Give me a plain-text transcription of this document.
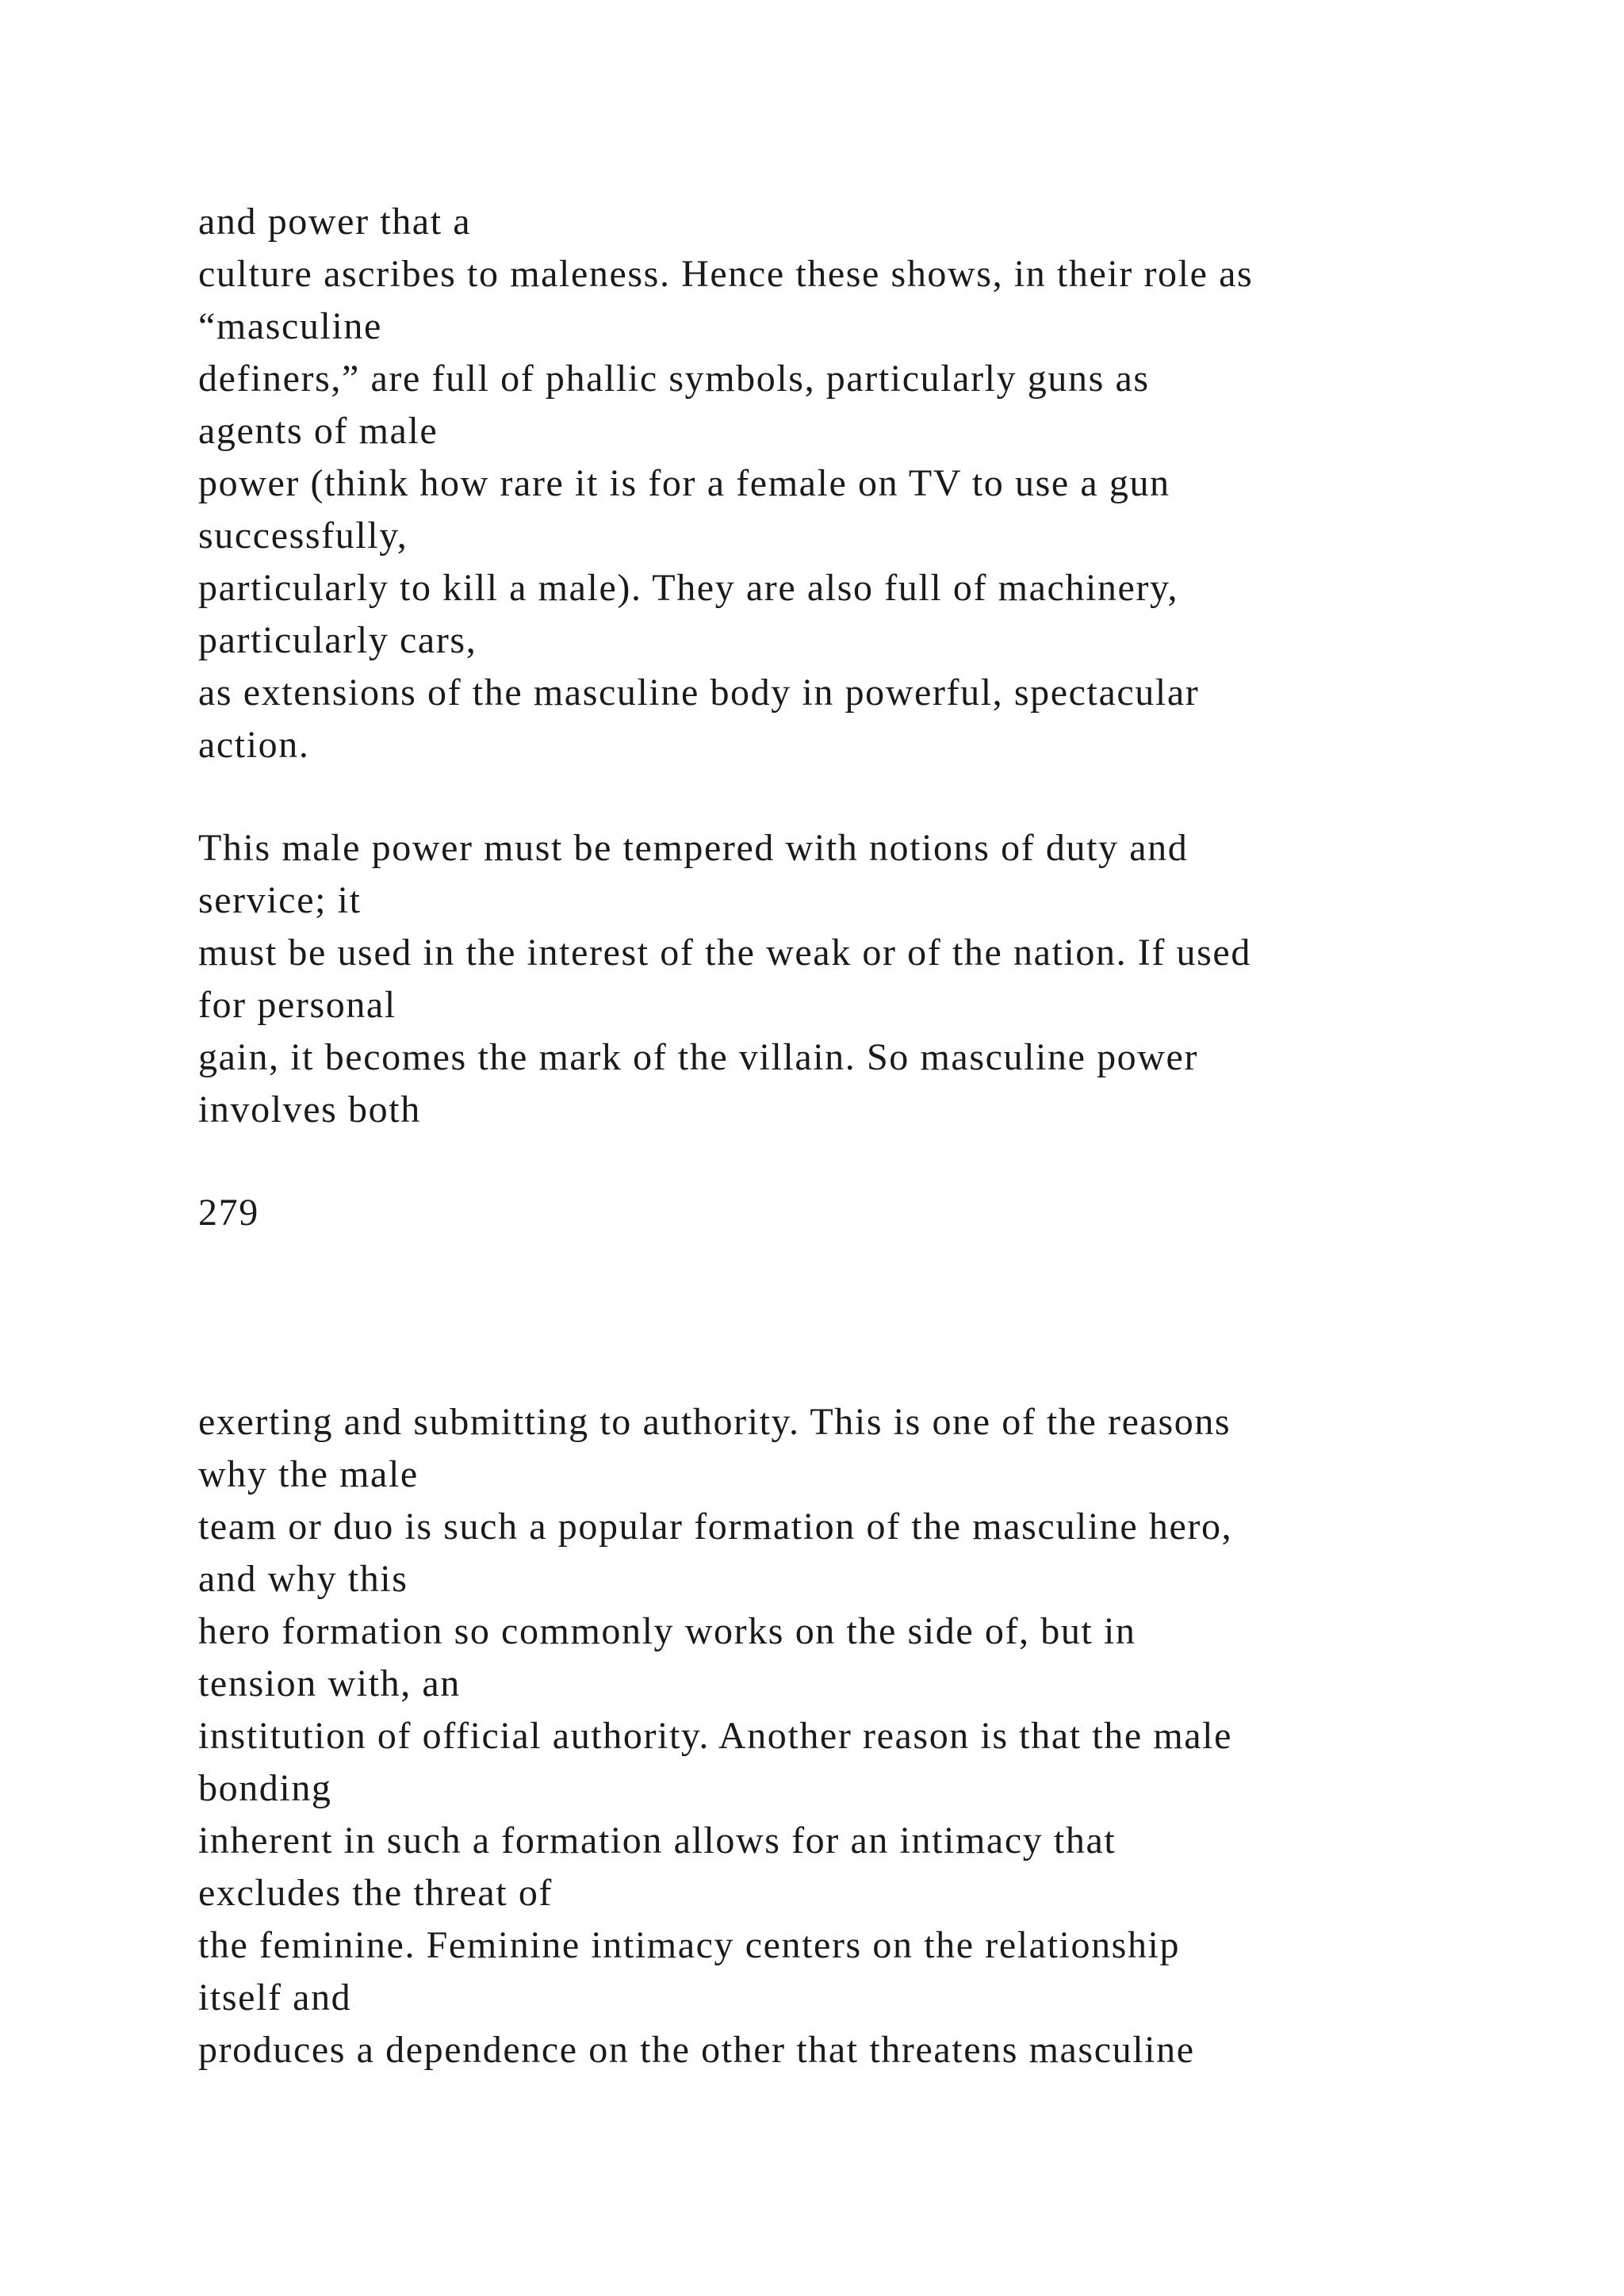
and power that a
culture ascribes to maleness. Hence these shows, in their role as
“masculine
definers,” are full of phallic symbols, particularly guns as
agents of male
power (think how rare it is for a female on TV to use a gun
successfully,
particularly to kill a male). They are also full of machinery,
particularly cars,
as extensions of the masculine body in powerful, spectacular
action.
This male power must be tempered with notions of duty and
service; it
must be used in the interest of the weak or of the nation. If used
for personal
gain, it becomes the mark of the villain. So masculine power
involves both
279
exerting and submitting to authority. This is one of the reasons
why the male
team or duo is such a popular formation of the masculine hero,
and why this
hero formation so commonly works on the side of, but in
tension with, an
institution of official authority. Another reason is that the male
bonding
inherent in such a formation allows for an intimacy that
excludes the threat of
the feminine. Feminine intimacy centers on the relationship
itself and
produces a dependence on the other that threatens masculine
